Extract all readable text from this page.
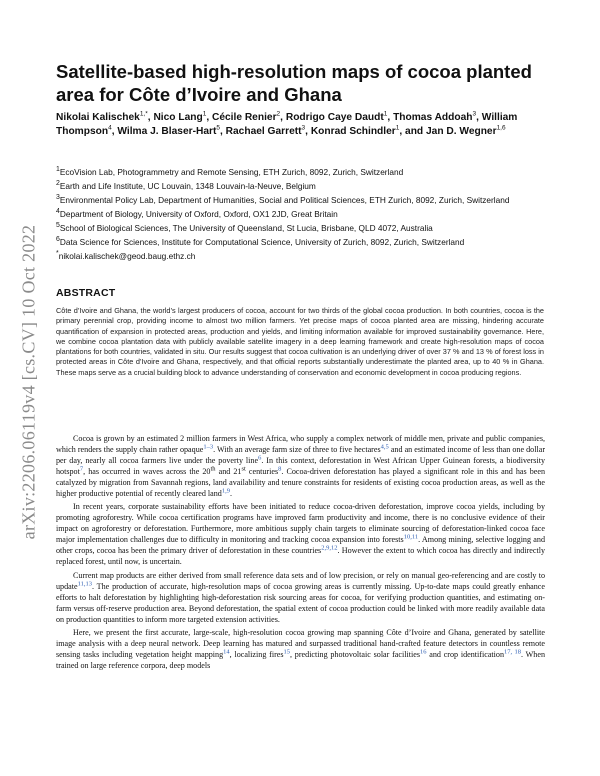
arXiv:2206.06119v4 [cs.CV] 10 Oct 2022
Satellite-based high-resolution maps of cocoa planted area for Côte d’Ivoire and Ghana

Nikolai Kalischek$^{1,*}$, Nico Lang$^1$, Cécile Renier$^2$, Rodrigo Caye Daudt$^1$, Thomas Addoah$^3$, William Thompson$^4$, Wilma J. Blaser-Hart$^5$, Rachael Garrett$^3$, Konrad Schindler$^1$, and Jan D. Wegner$^{1,6}$

$^1$EcoVision Lab, Photogrammetry and Remote Sensing, ETH Zurich, 8092, Zurich, Switzerland
$^2$Earth and Life Institute, UC Louvain, 1348 Louvain-la-Neuve, Belgium
$^3$Environmental Policy Lab, Department of Humanities, Social and Political Sciences, ETH Zurich, 8092, Zurich, Switzerland
$^4$Department of Biology, University of Oxford, Oxford, OX1 2JD, Great Britain
$^5$School of Biological Sciences, The University of Queensland, St Lucia, Brisbane, QLD 4072, Australia
$^6$Data Science for Sciences, Institute for Computational Science, University of Zurich, 8092, Zurich, Switzerland
*nikolai.kalischek@geod.baug.ethz.ch
ABSTRACT

Côte d’Ivoire and Ghana, the world’s largest producers of cocoa, account for two thirds of the global cocoa production. In both countries, cocoa is the primary perennial crop, providing income to almost two million farmers. Yet precise maps of cocoa planted area are missing, hindering accurate quantification of expansion in protected areas, production and yields, and limiting information available for improved sustainability governance. Here, we combine cocoa plantation data with publicly available satellite imagery in a deep learning framework and create high-resolution maps of cocoa plantations for both countries, validated in situ. Our results suggest that cocoa cultivation is an underlying driver of over 37 % and 13 % of forest loss in protected areas in Côte d’Ivoire and Ghana, respectively, and that official reports substantially underestimate the planted area, up to 40 % in Ghana. These maps serve as a crucial building block to advance understanding of conservation and economic development in cocoa producing regions.

Cocoa is grown by an estimated 2 million farmers in West Africa, who supply a complex network of middle men, private and public companies, which renders the supply chain rather opaque$^{1-3}$. With an average farm size of three to five hectares$^{4,5}$ and an estimated income of less than one dollar per day, nearly all cocoa farmers live under the poverty line$^6$. In this context, deforestation in West African Upper Guinean forests, a biodiversity hotspot$^7$, has occurred in waves across the 20th and 21st centuries$^8$. Cocoa-driven deforestation has played a significant role in this and has been catalyzed by migration from Savannah regions, land availability and tenure constraints for residents of existing cocoa production areas, as well as the higher productive potential of recently cleared land$^{1,9}$.

In recent years, corporate sustainability efforts have been initiated to reduce cocoa-driven deforestation, improve cocoa yields, including by promoting agroforestry. While cocoa certification programs have improved farm productivity and income, there is no conclusive evidence of their impact on agroforestry or deforestation. Furthermore, more ambitious supply chain targets to eliminate sourcing of deforestation-linked cocoa face major implementation challenges due to difficulty in monitoring and tracking cocoa expansion into forests$^{10,11}$. Among mining, selective logging and other crops, cocoa has been the primary driver of deforestation in these countries$^{2,9,12}$. However the extent to which cocoa has directly and indirectly replaced forest, until now, is uncertain.

Current map products are either derived from small reference data sets and of low precision, or rely on manual geo-referencing and are costly to update$^{11,13}$. The production of accurate, high-resolution maps of cocoa growing areas is currently missing. Up-to-date maps could greatly enhance efforts to halt deforestation by highlighting high-deforestation risk sourcing areas for cocoa, for verifying production quantities, and estimating on-farm versus off-reserve production area. Beyond deforestation, the spatial extent of cocoa production could be linked with more readily available data on production quantities to inform more targeted extension activities.

Here, we present the first accurate, large-scale, high-resolution cocoa growing map spanning Côte d’Ivoire and Ghana, generated by satellite image analysis with a deep neural network. Deep learning has matured and surpassed traditional hand-crafted feature detectors in countless remote sensing tasks including vegetation height mapping$^{14}$, localizing fires$^{15}$, predicting photovoltaic solar facilities$^{16}$ and crop identification$^{17, 18}$. When trained on large reference corpora, deep models
